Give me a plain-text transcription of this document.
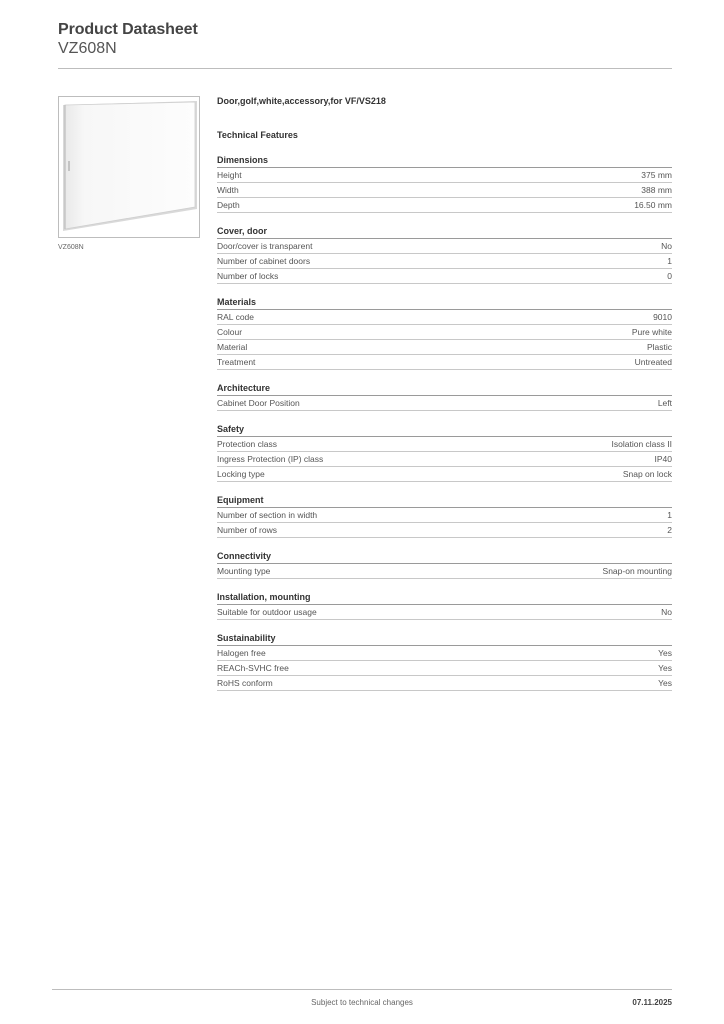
Product Datasheet
VZ608N
VZ608N
Door,golf,white,accessory,for VF/VS218
Technical Features
Dimensions
Height	375 mm
Width	388 mm
Depth	16.50 mm
Cover, door
Door/cover is transparent	No
Number of cabinet doors	1
Number of locks	0
Materials
RAL code	9010
Colour	Pure white
Material	Plastic
Treatment	Untreated
Architecture
Cabinet Door Position	Left
Safety
Protection class	Isolation class II
Ingress Protection (IP) class	IP40
Locking type	Snap on lock
Equipment
Number of section in width	1
Number of rows	2
Connectivity
Mounting type	Snap-on mounting
Installation, mounting
Suitable for outdoor usage	No
Sustainability
Halogen free	Yes
REACh-SVHC free	Yes
RoHS conform	Yes
Subject to technical changes	07.11.2025
